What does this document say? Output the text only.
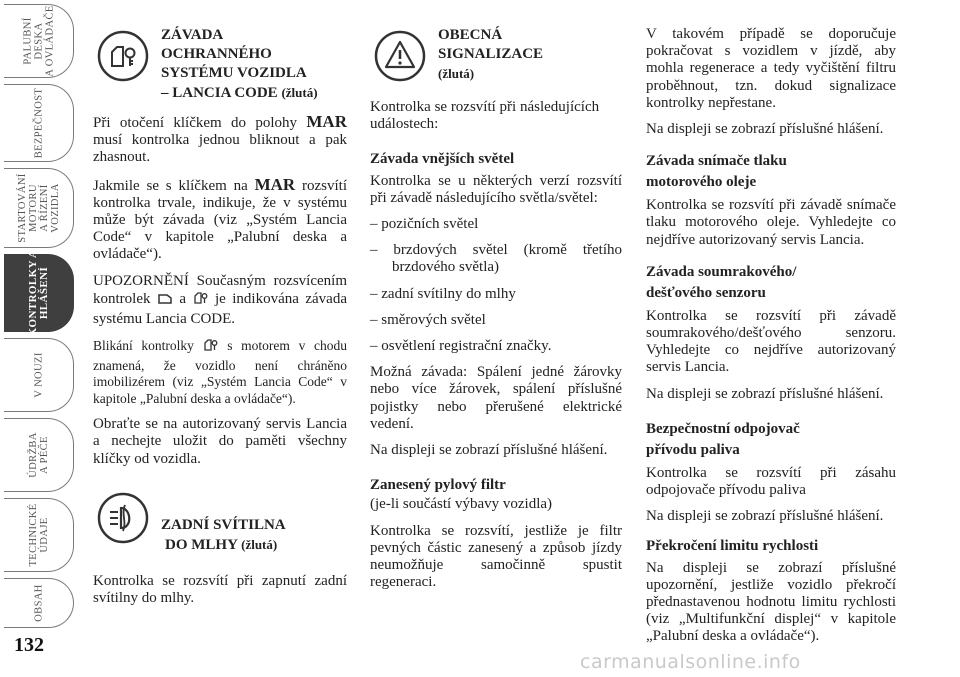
PALUBNÍ
DESKA
A OVLÁDAČE
BEZPEČNOST
STARTOVÁNÍ
MOTORU
A ŘÍZENÍ
VOZIDLA
KONTROLKY A
HLÁŠENÍ
V NOUZI
ÚDRŽBA
A PÉČE
TECHNICKÉ
ÚDAJE
OBSAH
132
ZÁVADA
OCHRANNÉHO
SYSTÉMU VOZIDLA
– LANCIA CODE (žlutá)

Při otočení klíčkem do polohy MAR musí kontrolka jednou bliknout a pak zhasnout.

Jakmile se s klíčkem na MAR rozsvítí kontrolka trvale, indikuje, že v systému může být závada (viz „Systém Lancia Code“ v kapitole „Palubní deska a ovládače“).

UPOZORNĚNÍ Současným rozsvícením kontrolek  a  je indikována závada systému Lancia CODE.

Blikání kontrolky  s motorem v chodu znamená, že vozidlo není chráněno imobilizérem (viz „Systém Lancia Code“ v kapitole „Palubní deska a ovládače“).

Obraťte se na autorizovaný servis Lancia a nechejte uložit do paměti všechny klíčky od vozidla.

ZADNÍ SVÍTILNA
DO MLHY (žlutá)

Kontrolka se rozsvítí při zapnutí zadní svítilny do mlhy.

OBECNÁ
SIGNALIZACE
(žlutá)

Kontrolka se rozsvítí při následujících událostech:

Závada vnějších světel

Kontrolka se u některých verzí rozsvítí při závadě následujícího světla/světel:

– pozičních světel

– brzdových světel (kromě třetího brzdového světla)

– zadní svítilny do mlhy

– směrových světel

– osvětlení registrační značky.

Možná závada: Spálení jedné žárovky nebo více žárovek, spálení příslušné pojistky nebo přerušené elektrické vedení.

Na displeji se zobrazí příslušné hlášení.

Zanesený pylový filtr

(je-li součástí výbavy vozidla)

Kontrolka se rozsvítí, jestliže je filtr pevných částic zanesený a způsob jízdy neumožňuje samočinně spustit regeneraci.

V takovém případě se doporučuje pokračovat s vozidlem v jízdě, aby mohla regenerace a tedy vyčištění filtru proběhnout, tzn. dokud signalizace kontrolky nepřestane.

Na displeji se zobrazí příslušné hlášení.

Závada snímače tlaku
motorového oleje

Kontrolka se rozsvítí při závadě snímače tlaku motorového oleje. Vyhledejte co nejdříve autorizovaný servis Lancia.

Závada soumrakového/
dešťového senzoru

Kontrolka se rozsvítí při závadě soumrakového/dešťového senzoru. Vyhledejte co nejdříve autorizovaný servis Lancia.

Na displeji se zobrazí příslušné hlášení.

Bezpečnostní odpojovač
přívodu paliva

Kontrolka se rozsvítí při zásahu odpojovače přívodu paliva

Na displeji se zobrazí příslušné hlášení.

Překročení limitu rychlosti

Na displeji se zobrazí příslušné upozornění, jestliže vozidlo překročí přednastavenou hodnotu limitu rychlosti (viz „Multifunkční displej“ v kapitole „Palubní deska a ovládače“).

carmanualsonline.info
